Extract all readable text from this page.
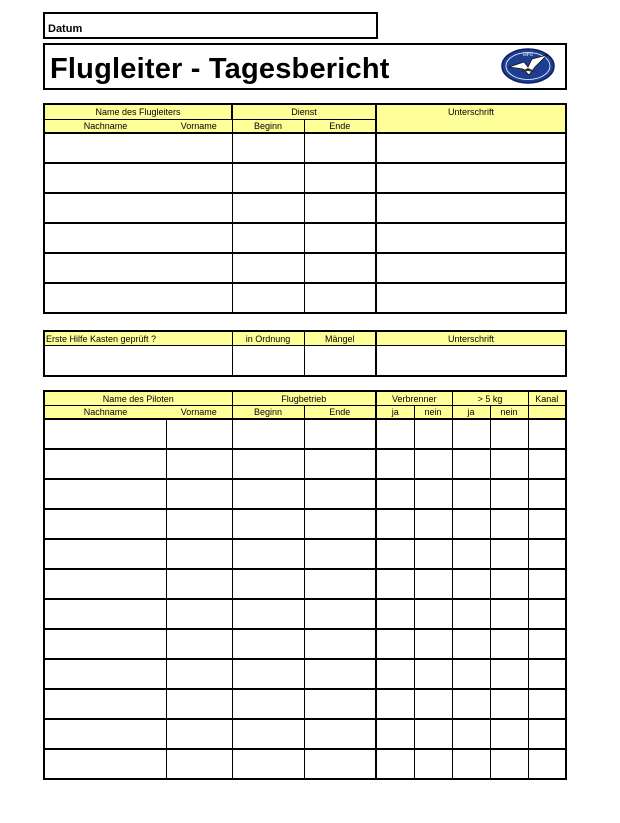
Datum
Flugleiter - Tagesbericht	MFG
Name des Flugleiters		Dienst		Unterschrift
Nachname	Vorname	Beginn	Ende	

Erste Hilfe Kasten geprüft ?	in Ordnung	Mängel	Unterschrift

Name des Piloten		Flugbetrieb		Verbrenner		> 5 kg		Kanal
Nachname	Vorname	Beginn	Ende	ja	nein	ja	nein	
